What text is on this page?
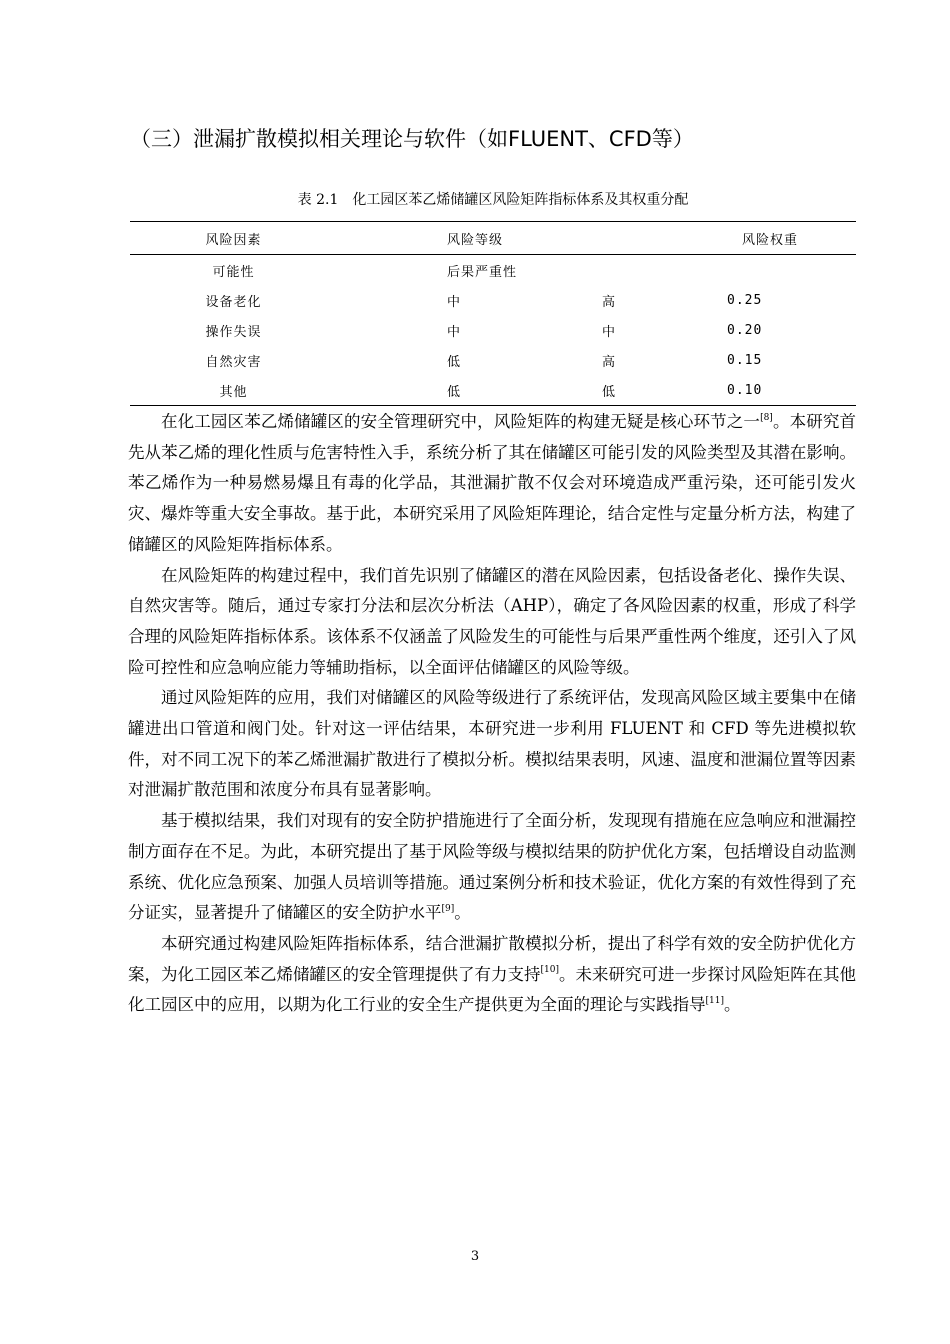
（三）泄漏扩散模拟相关理论与软件（如FLUENT、CFD等）
表 2.1　化工园区苯乙烯储罐区风险矩阵指标体系及其权重分配
风险因素	风险等级		风险权重
可能性	后果严重性		
设备老化	中	高	0.25
操作失误	中	中	0.20
自然灾害	低	高	0.15
其他	低	低	0.10

在化工园区苯乙烯储罐区的安全管理研究中，风险矩阵的构建无疑是核心环节之一[8]。本研究首先从苯乙烯的理化性质与危害特性入手，系统分析了其在储罐区可能引发的风险类型及其潜在影响。苯乙烯作为一种易燃易爆且有毒的化学品，其泄漏扩散不仅会对环境造成严重污染，还可能引发火灾、爆炸等重大安全事故。基于此，本研究采用了风险矩阵理论，结合定性与定量分析方法，构建了储罐区的风险矩阵指标体系。

在风险矩阵的构建过程中，我们首先识别了储罐区的潜在风险因素，包括设备老化、操作失误、自然灾害等。随后，通过专家打分法和层次分析法（AHP），确定了各风险因素的权重，形成了科学合理的风险矩阵指标体系。该体系不仅涵盖了风险发生的可能性与后果严重性两个维度，还引入了风险可控性和应急响应能力等辅助指标，以全面评估储罐区的风险等级。

通过风险矩阵的应用，我们对储罐区的风险等级进行了系统评估，发现高风险区域主要集中在储罐进出口管道和阀门处。针对这一评估结果，本研究进一步利用 FLUENT 和 CFD 等先进模拟软件，对不同工况下的苯乙烯泄漏扩散进行了模拟分析。模拟结果表明，风速、温度和泄漏位置等因素对泄漏扩散范围和浓度分布具有显著影响。

基于模拟结果，我们对现有的安全防护措施进行了全面分析，发现现有措施在应急响应和泄漏控制方面存在不足。为此，本研究提出了基于风险等级与模拟结果的防护优化方案，包括增设自动监测系统、优化应急预案、加强人员培训等措施。通过案例分析和技术验证，优化方案的有效性得到了充分证实，显著提升了储罐区的安全防护水平[9]。

本研究通过构建风险矩阵指标体系，结合泄漏扩散模拟分析，提出了科学有效的安全防护优化方案，为化工园区苯乙烯储罐区的安全管理提供了有力支持[10]。未来研究可进一步探讨风险矩阵在其他化工园区中的应用，以期为化工行业的安全生产提供更为全面的理论与实践指导[11]。

3
